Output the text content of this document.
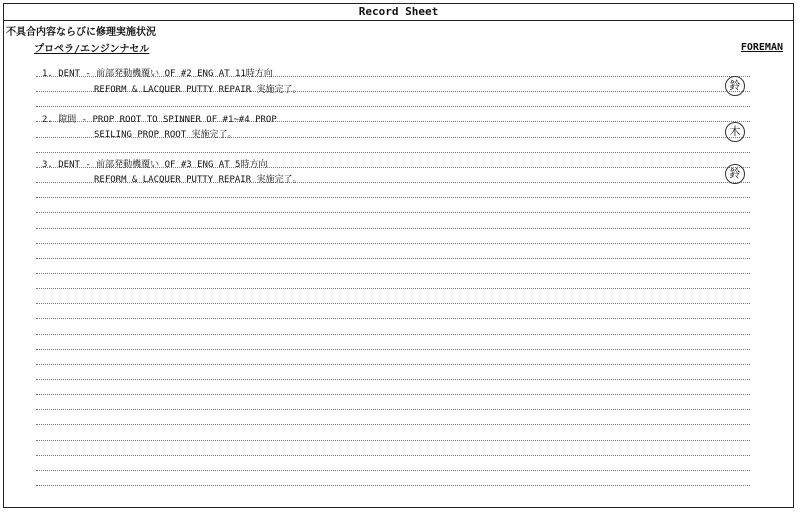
Record Sheet
不具合内容ならびに修理実施状況
プロペラ/エンジンナセル	FOREMAN
1. DENT - 前部発動機覆い OF #2 ENG AT 11時方向
REFORM & LACQUER PUTTY REPAIR 実施完了。	鈴
2. 隙間 - PROP ROOT TO SPINNER OF #1~#4 PROP
SEILING PROP ROOT 実施完了。	木
3. DENT - 前部発動機覆い OF #3 ENG AT 5時方向
REFORM & LACQUER PUTTY REPAIR 実施完了。	鈴
